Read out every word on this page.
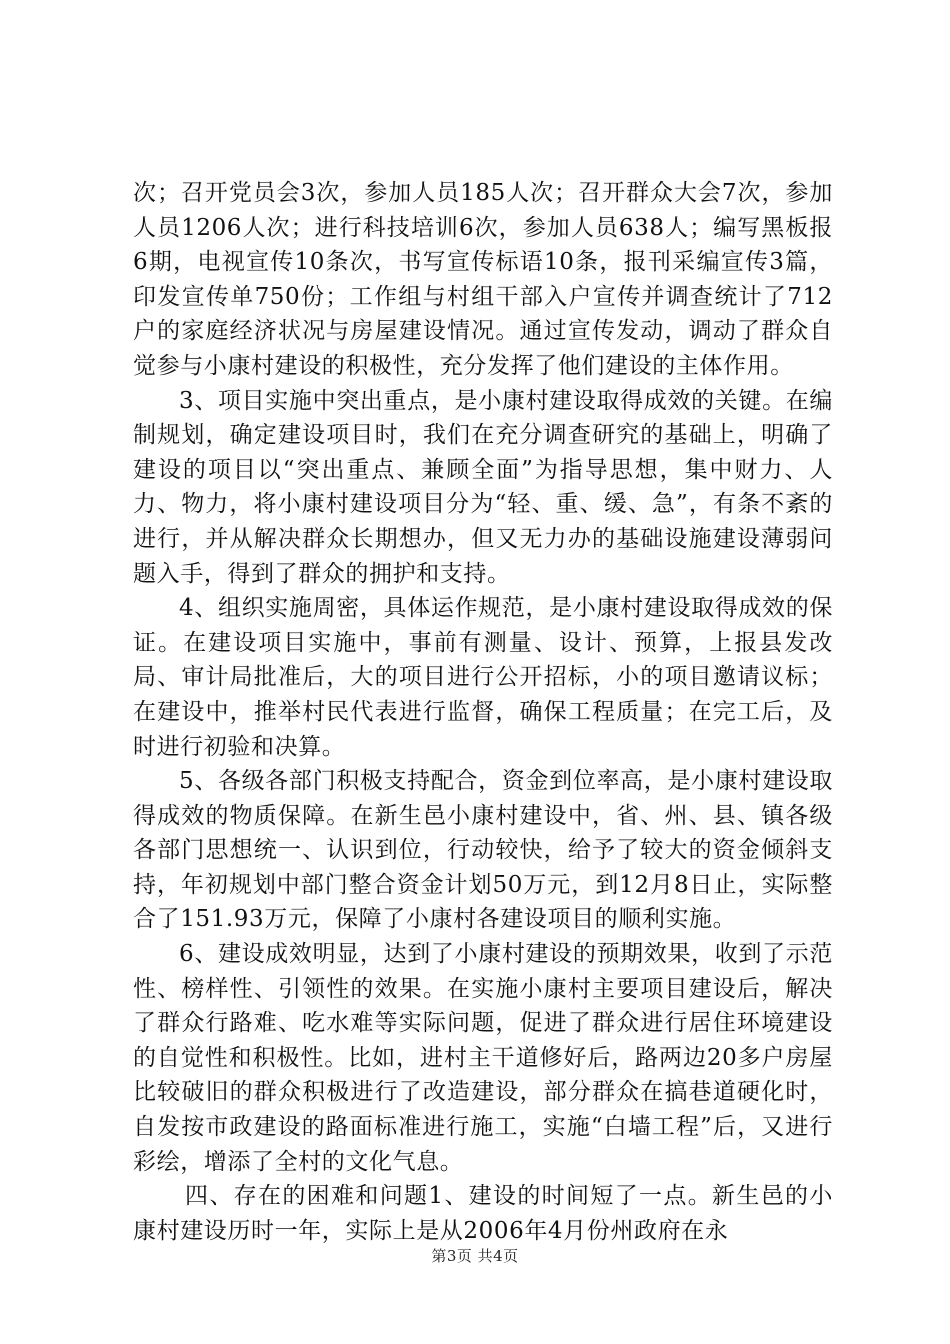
次；召开党员会3次，参加人员185人次；召开群众大会7次，参加人员1206人次；进行科技培训6次，参加人员638人；编写黑板报6期，电视宣传10条次，书写宣传标语10条，报刊采编宣传3篇，印发宣传单750份；工作组与村组干部入户宣传并调查统计了712户的家庭经济状况与房屋建设情况。通过宣传发动，调动了群众自觉参与小康村建设的积极性，充分发挥了他们建设的主体作用。

3、项目实施中突出重点，是小康村建设取得成效的关键。在编制规划，确定建设项目时，我们在充分调查研究的基础上，明确了建设的项目以“突出重点、兼顾全面”为指导思想，集中财力、人力、物力，将小康村建设项目分为“轻、重、缓、急”，有条不紊的进行，并从解决群众长期想办，但又无力办的基础设施建设薄弱问题入手，得到了群众的拥护和支持。

4、组织实施周密，具体运作规范，是小康村建设取得成效的保证。在建设项目实施中，事前有测量、设计、预算，上报县发改局、审计局批准后，大的项目进行公开招标，小的项目邀请议标；在建设中，推举村民代表进行监督，确保工程质量；在完工后，及时进行初验和决算。

5、各级各部门积极支持配合，资金到位率高，是小康村建设取得成效的物质保障。在新生邑小康村建设中，省、州、县、镇各级各部门思想统一、认识到位，行动较快，给予了较大的资金倾斜支持，年初规划中部门整合资金计划50万元，到12月8日止，实际整合了151.93万元，保障了小康村各建设项目的顺利实施。

6、建设成效明显，达到了小康村建设的预期效果，收到了示范性、榜样性、引领性的效果。在实施小康村主要项目建设后，解决了群众行路难、吃水难等实际问题，促进了群众进行居住环境建设的自觉性和积极性。比如，进村主干道修好后，路两边20多户房屋比较破旧的群众积极进行了改造建设，部分群众在搞巷道硬化时，自发按市政建设的路面标准进行施工，实施“白墙工程”后，又进行彩绘，增添了全村的文化气息。

四、存在的困难和问题1、建设的时间短了一点。新生邑的小康村建设历时一年，实际上是从2006年4月份州政府在永

第3页 共4页
